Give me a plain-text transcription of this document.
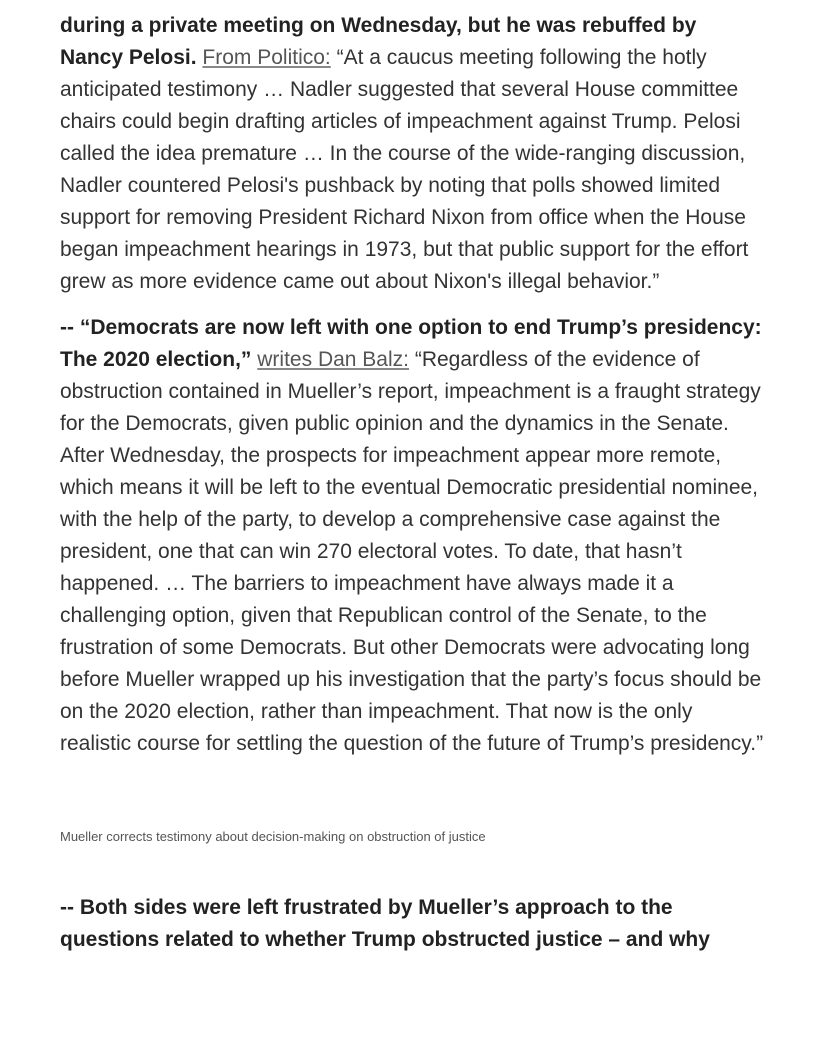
during a private meeting on Wednesday, but he was rebuffed by Nancy Pelosi. From Politico: “At a caucus meeting following the hotly anticipated testimony … Nadler suggested that several House committee chairs could begin drafting articles of impeachment against Trump. Pelosi called the idea premature … In the course of the wide-ranging discussion, Nadler countered Pelosi's pushback by noting that polls showed limited support for removing President Richard Nixon from office when the House began impeachment hearings in 1973, but that public support for the effort grew as more evidence came out about Nixon's illegal behavior.”

-- “Democrats are now left with one option to end Trump’s presidency: The 2020 election,” writes Dan Balz: “Regardless of the evidence of obstruction contained in Mueller’s report, impeachment is a fraught strategy for the Democrats, given public opinion and the dynamics in the Senate. After Wednesday, the prospects for impeachment appear more remote, which means it will be left to the eventual Democratic presidential nominee, with the help of the party, to develop a comprehensive case against the president, one that can win 270 electoral votes. To date, that hasn’t happened. … The barriers to impeachment have always made it a challenging option, given that Republican control of the Senate, to the frustration of some Democrats. But other Democrats were advocating long before Mueller wrapped up his investigation that the party’s focus should be on the 2020 election, rather than impeachment. That now is the only realistic course for settling the question of the future of Trump’s presidency.”

Mueller corrects testimony about decision-making on obstruction of justice

-- Both sides were left frustrated by Mueller’s approach to the questions related to whether Trump obstructed justice – and why
